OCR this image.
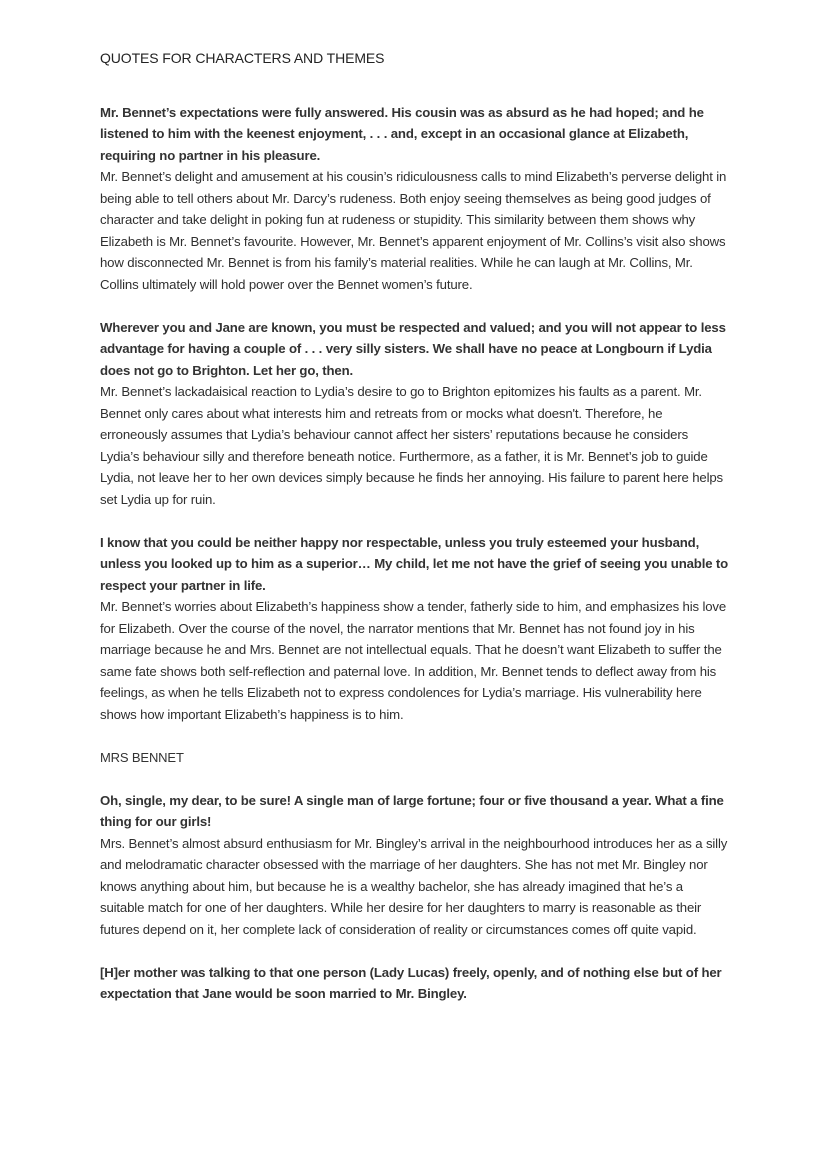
QUOTES FOR CHARACTERS AND THEMES

Mr. Bennet’s expectations were fully answered. His cousin was as absurd as he had hoped; and he listened to him with the keenest enjoyment, . . . and, except in an occasional glance at Elizabeth, requiring no partner in his pleasure.

Mr. Bennet’s delight and amusement at his cousin’s ridiculousness calls to mind Elizabeth’s perverse delight in being able to tell others about Mr. Darcy’s rudeness. Both enjoy seeing themselves as being good judges of character and take delight in poking fun at rudeness or stupidity. This similarity between them shows why Elizabeth is Mr. Bennet’s favourite. However, Mr. Bennet’s apparent enjoyment of Mr. Collins’s visit also shows how disconnected Mr. Bennet is from his family’s material realities. While he can laugh at Mr. Collins, Mr. Collins ultimately will hold power over the Bennet women’s future.

Wherever you and Jane are known, you must be respected and valued; and you will not appear to less advantage for having a couple of . . . very silly sisters. We shall have no peace at Longbourn if Lydia does not go to Brighton. Let her go, then.

Mr. Bennet’s lackadaisical reaction to Lydia’s desire to go to Brighton epitomizes his faults as a parent. Mr. Bennet only cares about what interests him and retreats from or mocks what doesn't. Therefore, he erroneously assumes that Lydia’s behaviour cannot affect her sisters’ reputations because he considers Lydia’s behaviour silly and therefore beneath notice. Furthermore, as a father, it is Mr. Bennet’s job to guide Lydia, not leave her to her own devices simply because he finds her annoying. His failure to parent here helps set Lydia up for ruin.

I know that you could be neither happy nor respectable, unless you truly esteemed your husband, unless you looked up to him as a superior… My child, let me not have the grief of seeing you unable to respect your partner in life.

Mr. Bennet’s worries about Elizabeth’s happiness show a tender, fatherly side to him, and emphasizes his love for Elizabeth. Over the course of the novel, the narrator mentions that Mr. Bennet has not found joy in his marriage because he and Mrs. Bennet are not intellectual equals. That he doesn’t want Elizabeth to suffer the same fate shows both self-reflection and paternal love. In addition, Mr. Bennet tends to deflect away from his feelings, as when he tells Elizabeth not to express condolences for Lydia’s marriage. His vulnerability here shows how important Elizabeth’s happiness is to him.

MRS BENNET

Oh, single, my dear, to be sure! A single man of large fortune; four or five thousand a year. What a fine thing for our girls!

Mrs. Bennet’s almost absurd enthusiasm for Mr. Bingley’s arrival in the neighbourhood introduces her as a silly and melodramatic character obsessed with the marriage of her daughters. She has not met Mr. Bingley nor knows anything about him, but because he is a wealthy bachelor, she has already imagined that he’s a suitable match for one of her daughters. While her desire for her daughters to marry is reasonable as their futures depend on it, her complete lack of consideration of reality or circumstances comes off quite vapid.

[H]er mother was talking to that one person (Lady Lucas) freely, openly, and of nothing else but of her expectation that Jane would be soon married to Mr. Bingley.
